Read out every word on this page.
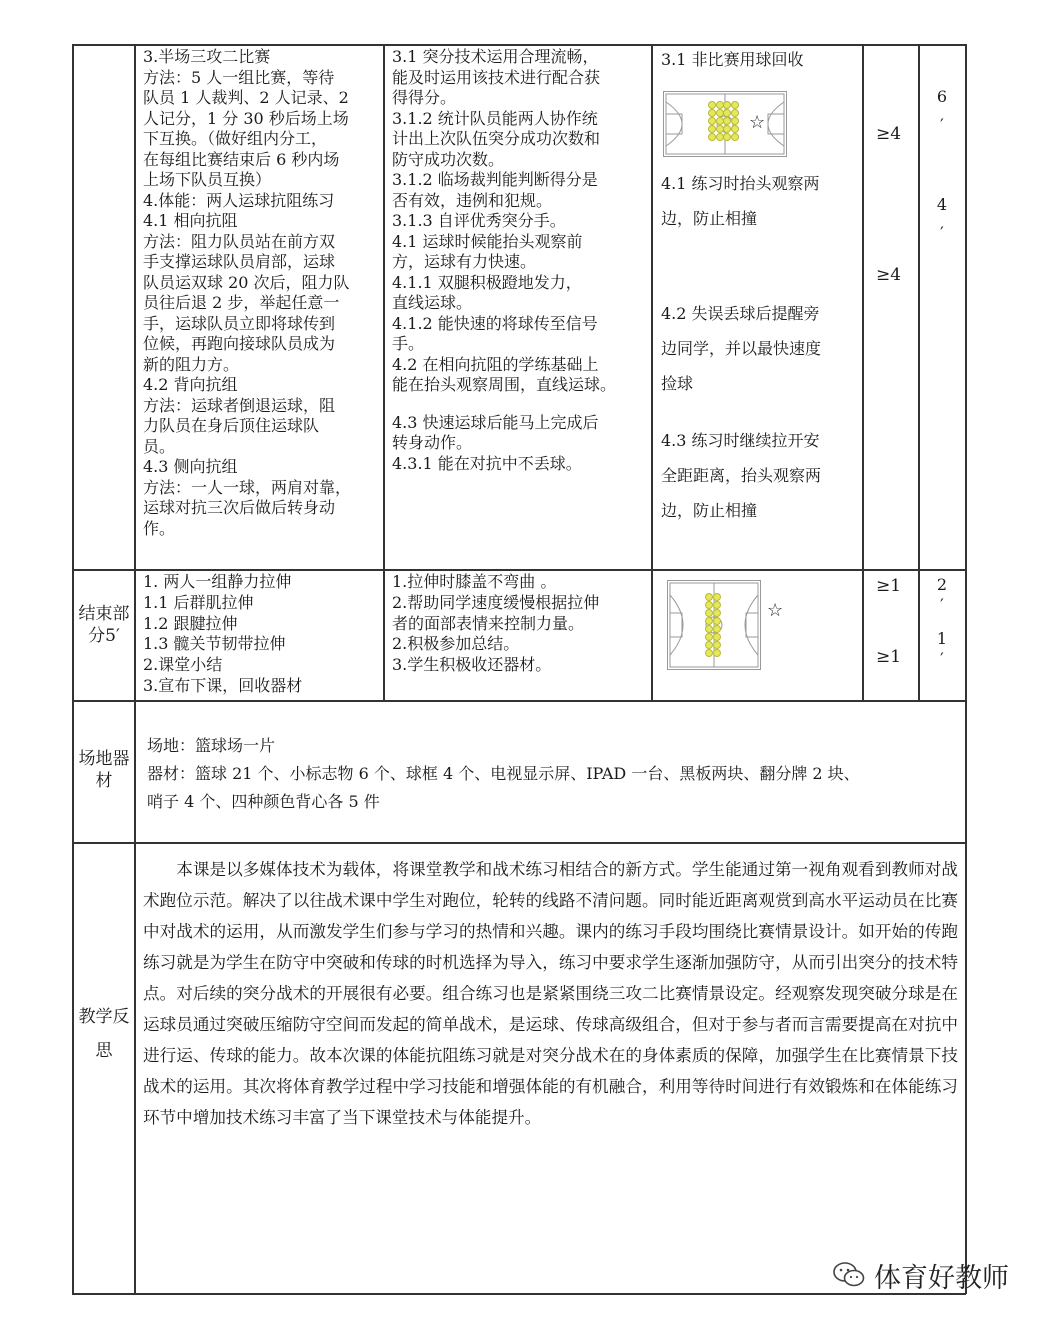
3.半场三攻二比赛
方法：5 人一组比赛，等待
队员 1 人裁判、2 人记录、2
人记分，1 分 30 秒后场上场
下互换。（做好组内分工，
在每组比赛结束后 6 秒内场
上场下队员互换）
4.体能：两人运球抗阻练习
4.1 相向抗阻
方法：阻力队员站在前方双
手支撑运球队员肩部，运球
队员运双球 20 次后，阻力队
员往后退 2 步，举起任意一
手，运球队员立即将球传到
位候，再跑向接球队员成为
新的阻力方。
4.2 背向抗组
方法：运球者倒退运球，阻
力队员在身后顶住运球队
员。
4.3 侧向抗组
方法：一人一球，两肩对靠，
运球对抗三次后做后转身动
作。
3.1 突分技术运用合理流畅，
能及时运用该技术进行配合获
得得分。
3.1.2 统计队员能两人协作统
计出上次队伍突分成功次数和
防守成功次数。
3.1.2 临场裁判能判断得分是
否有效，违例和犯规。
3.1.3 自评优秀突分手。
4.1 运球时候能抬头观察前
方，运球有力快速。
4.1.1 双腿积极蹬地发力，
直线运球。
4.1.2 能快速的将球传至信号
手。
4.2 在相向抗阻的学练基础上
能在抬头观察周围，直线运球。
4.3 快速运球后能马上完成后
转身动作。
4.3.1 能在对抗中不丢球。
3.1 非比赛用球回收
☆
4.1 练习时抬头观察两
边，防止相撞
4.2 失误丢球后提醒旁
边同学，并以最快速度
捡球
4.3 练习时继续拉开安
全距距离，抬头观察两
边，防止相撞
≥4
≥4
6
′
4
′
结束部分5′
1. 两人一组静力拉伸
1.1 后群肌拉伸
1.2 跟腱拉伸
1.3 髋关节韧带拉伸
2.课堂小结
3.宣布下课，回收器材
1.拉伸时膝盖不弯曲 。
2.帮助同学速度缓慢根据拉伸
者的面部表情来控制力量。
2.积极参加总结。
3.学生积极收还器材。
☆
≥1
≥1
2
′
1
′
场地器材
场地：篮球场一片
器材：篮球 21 个、小标志物 6 个、球框 4 个、电视显示屏、IPAD 一台、黑板两块、翻分牌 2 块、
哨子 4 个、四种颜色背心各 5 件
教学反思
本课是以多媒体技术为载体，将课堂教学和战术练习相结合的新方式。学生能通过第一视角观看到教师对战术跑位示范。解决了以往战术课中学生对跑位，轮转的线路不清问题。同时能近距离观赏到高水平运动员在比赛中对战术的运用，从而激发学生们参与学习的热情和兴趣。课内的练习手段均围绕比赛情景设计。如开始的传跑练习就是为学生在防守中突破和传球的时机选择为导入，练习中要求学生逐渐加强防守，从而引出突分的技术特点。对后续的突分战术的开展很有必要。组合练习也是紧紧围绕三攻二比赛情景设定。经观察发现突破分球是在运球员通过突破压缩防守空间而发起的简单战术，是运球、传球高级组合，但对于参与者而言需要提高在对抗中进行运、传球的能力。故本次课的体能抗阻练习就是对突分战术在的身体素质的保障，加强学生在比赛情景下技战术的运用。其次将体育教学过程中学习技能和增强体能的有机融合，利用等待时间进行有效锻炼和在体能练习环节中增加技术练习丰富了当下课堂技术与体能提升。
体育好教师
